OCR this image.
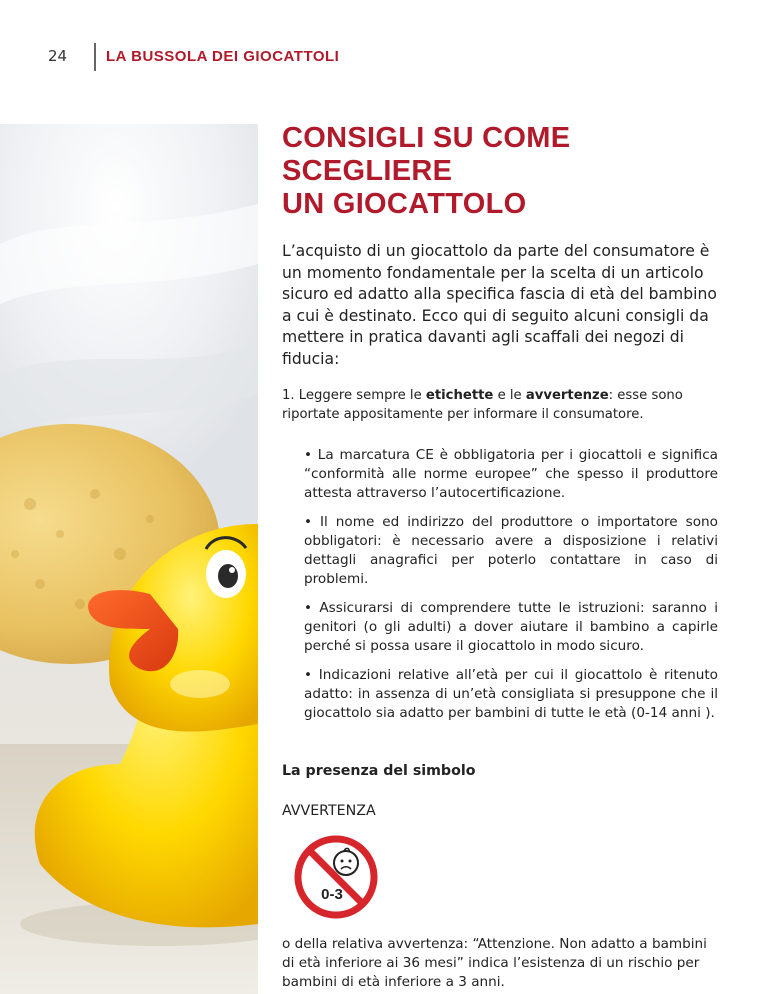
24	LA BUSSOLA DEI GIOCATTOLI
CONSIGLI SU COME SCEGLIERE
UN GIOCATTOLO

L’acquisto di un giocattolo da parte del consumatore è un momento fondamentale per la scelta di un articolo sicuro ed adatto alla specifica fascia di età del bambino a cui è destinato. Ecco qui di seguito alcuni consigli da mettere in pratica davanti agli scaffali dei negozi di fiducia:

1. Leggere sempre le etichette e le avvertenze: esse sono riportate appositamente per informare il consumatore.

• La marcatura CE è obbligatoria per i giocattoli e significa “conformità alle norme europee” che spesso il produttore attesta attraverso l’autocertificazione.

• Il nome ed indirizzo del produttore o importatore sono obbligatori: è necessario avere a disposizione i relativi dettagli anagrafici per poterlo contattare in caso di problemi.

• Assicurarsi di comprendere tutte le istruzioni: saranno i genitori (o gli adulti) a dover aiutare il bambino a capirle perché si possa usare il giocattolo in modo sicuro.

• Indicazioni relative all’età per cui il giocattolo è ritenuto adatto: in assenza di un’età consigliata si presuppone che il giocattolo sia adatto per bambini di tutte le età (0-14 anni ).

La presenza del simbolo

AVVERTENZA

0-3

o della relativa avvertenza: “Attenzione. Non adatto a bambini di età inferiore ai 36 mesi” indica l’esistenza di un rischio per bambini di età inferiore a 3 anni.
